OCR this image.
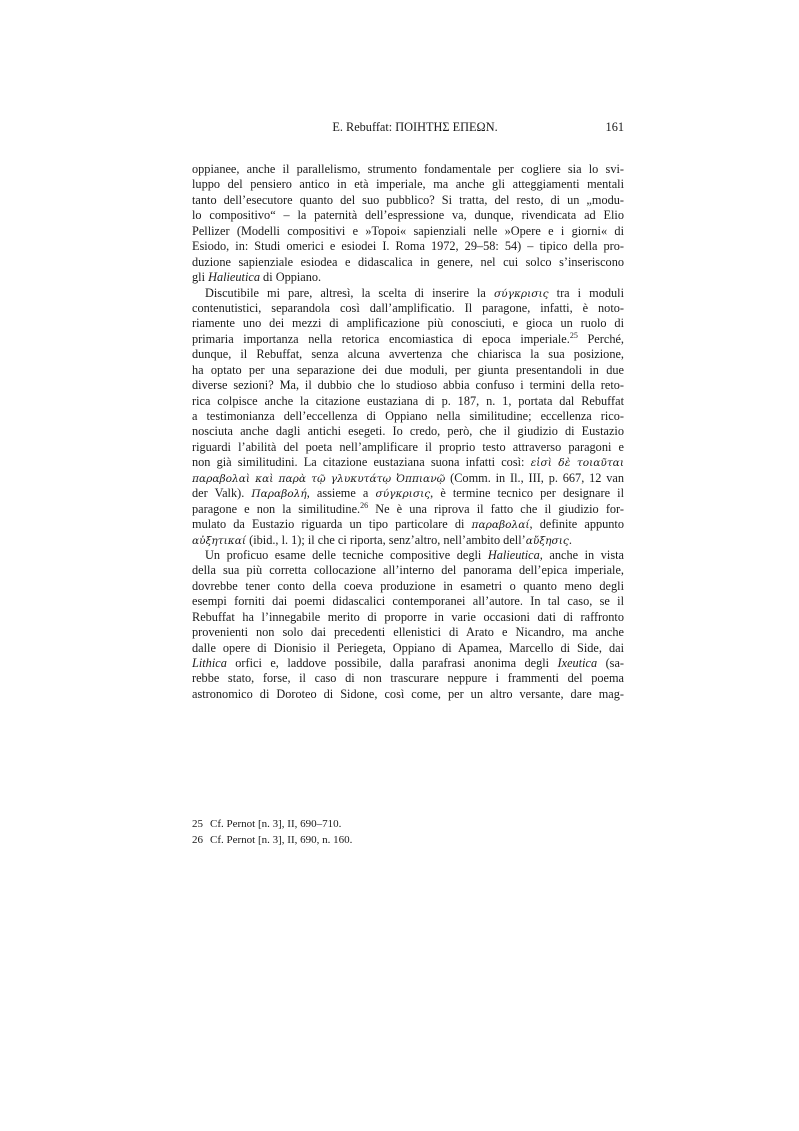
E. Rebuffat: ΠΟΙΗΤΗΣ ΕΠΕΩΝ.	161
oppianee, anche il parallelismo, strumento fondamentale per cogliere sia lo svi-
luppo del pensiero antico in età imperiale, ma anche gli atteggiamenti mentali
tanto dell’esecutore quanto del suo pubblico? Si tratta, del resto, di un „modu-
lo compositivo“ – la paternità dell’espressione va, dunque, rivendicata ad Elio
Pellizer (Modelli compositivi e »Topoi« sapienziali nelle »Opere e i giorni« di
Esiodo, in: Studi omerici e esiodei I. Roma 1972, 29–58: 54) – tipico della pro-
duzione sapienziale esiodea e didascalica in genere, nel cui solco s’inseriscono
gli Halieutica di Oppiano.
Discutibile mi pare, altresì, la scelta di inserire la σύγκρισις tra i moduli
contenutistici, separandola così dall’amplificatio. Il paragone, infatti, è noto-
riamente uno dei mezzi di amplificazione più conosciuti, e gioca un ruolo di
primaria importanza nella retorica encomiastica di epoca imperiale.$^{25}$ Perché,
dunque, il Rebuffat, senza alcuna avvertenza che chiarisca la sua posizione,
ha optato per una separazione dei due moduli, per giunta presentandoli in due
diverse sezioni? Ma, il dubbio che lo studioso abbia confuso i termini della reto-
rica colpisce anche la citazione eustaziana di p. 187, n. 1, portata dal Rebuffat
a testimonianza dell’eccellenza di Oppiano nella similitudine; eccellenza rico-
nosciuta anche dagli antichi esegeti. Io credo, però, che il giudizio di Eustazio
riguardi l’abilità del poeta nell’amplificare il proprio testo attraverso paragoni e
non già similitudini. La citazione eustaziana suona infatti così: εἰσὶ δὲ τοιαῦται
παραβολαὶ καὶ παρὰ τῷ γλυκυτάτῳ Ὀππιανῷ (Comm. in Il., III, p. 667, 12 van
der Valk). Παραβολή, assieme a σύγκρισις, è termine tecnico per designare il
paragone e non la similitudine.$^{26}$ Ne è una riprova il fatto che il giudizio for-
mulato da Eustazio riguarda un tipo particolare di παραβολαί, definite appunto
αὐξητικαί (ibid., l. 1); il che ci riporta, senz’altro, nell’ambito dell’αὔξησις.
Un proficuo esame delle tecniche compositive degli Halieutica, anche in vista
della sua più corretta collocazione all’interno del panorama dell’epica imperiale,
dovrebbe tener conto della coeva produzione in esametri o quanto meno degli
esempi forniti dai poemi didascalici contemporanei all’autore. In tal caso, se il
Rebuffat ha l’innegabile merito di proporre in varie occasioni dati di raffronto
provenienti non solo dai precedenti ellenistici di Arato e Nicandro, ma anche
dalle opere di Dionisio il Periegeta, Oppiano di Apamea, Marcello di Side, dai
Lithica orfici e, laddove possibile, dalla parafrasi anonima degli Ixeutica (sa-
rebbe stato, forse, il caso di non trascurare neppure i frammenti del poema
astronomico di Doroteo di Sidone, così come, per un altro versante, dare mag-
25 Cf. Pernot [n. 3], II, 690–710.
26 Cf. Pernot [n. 3], II, 690, n. 160.
